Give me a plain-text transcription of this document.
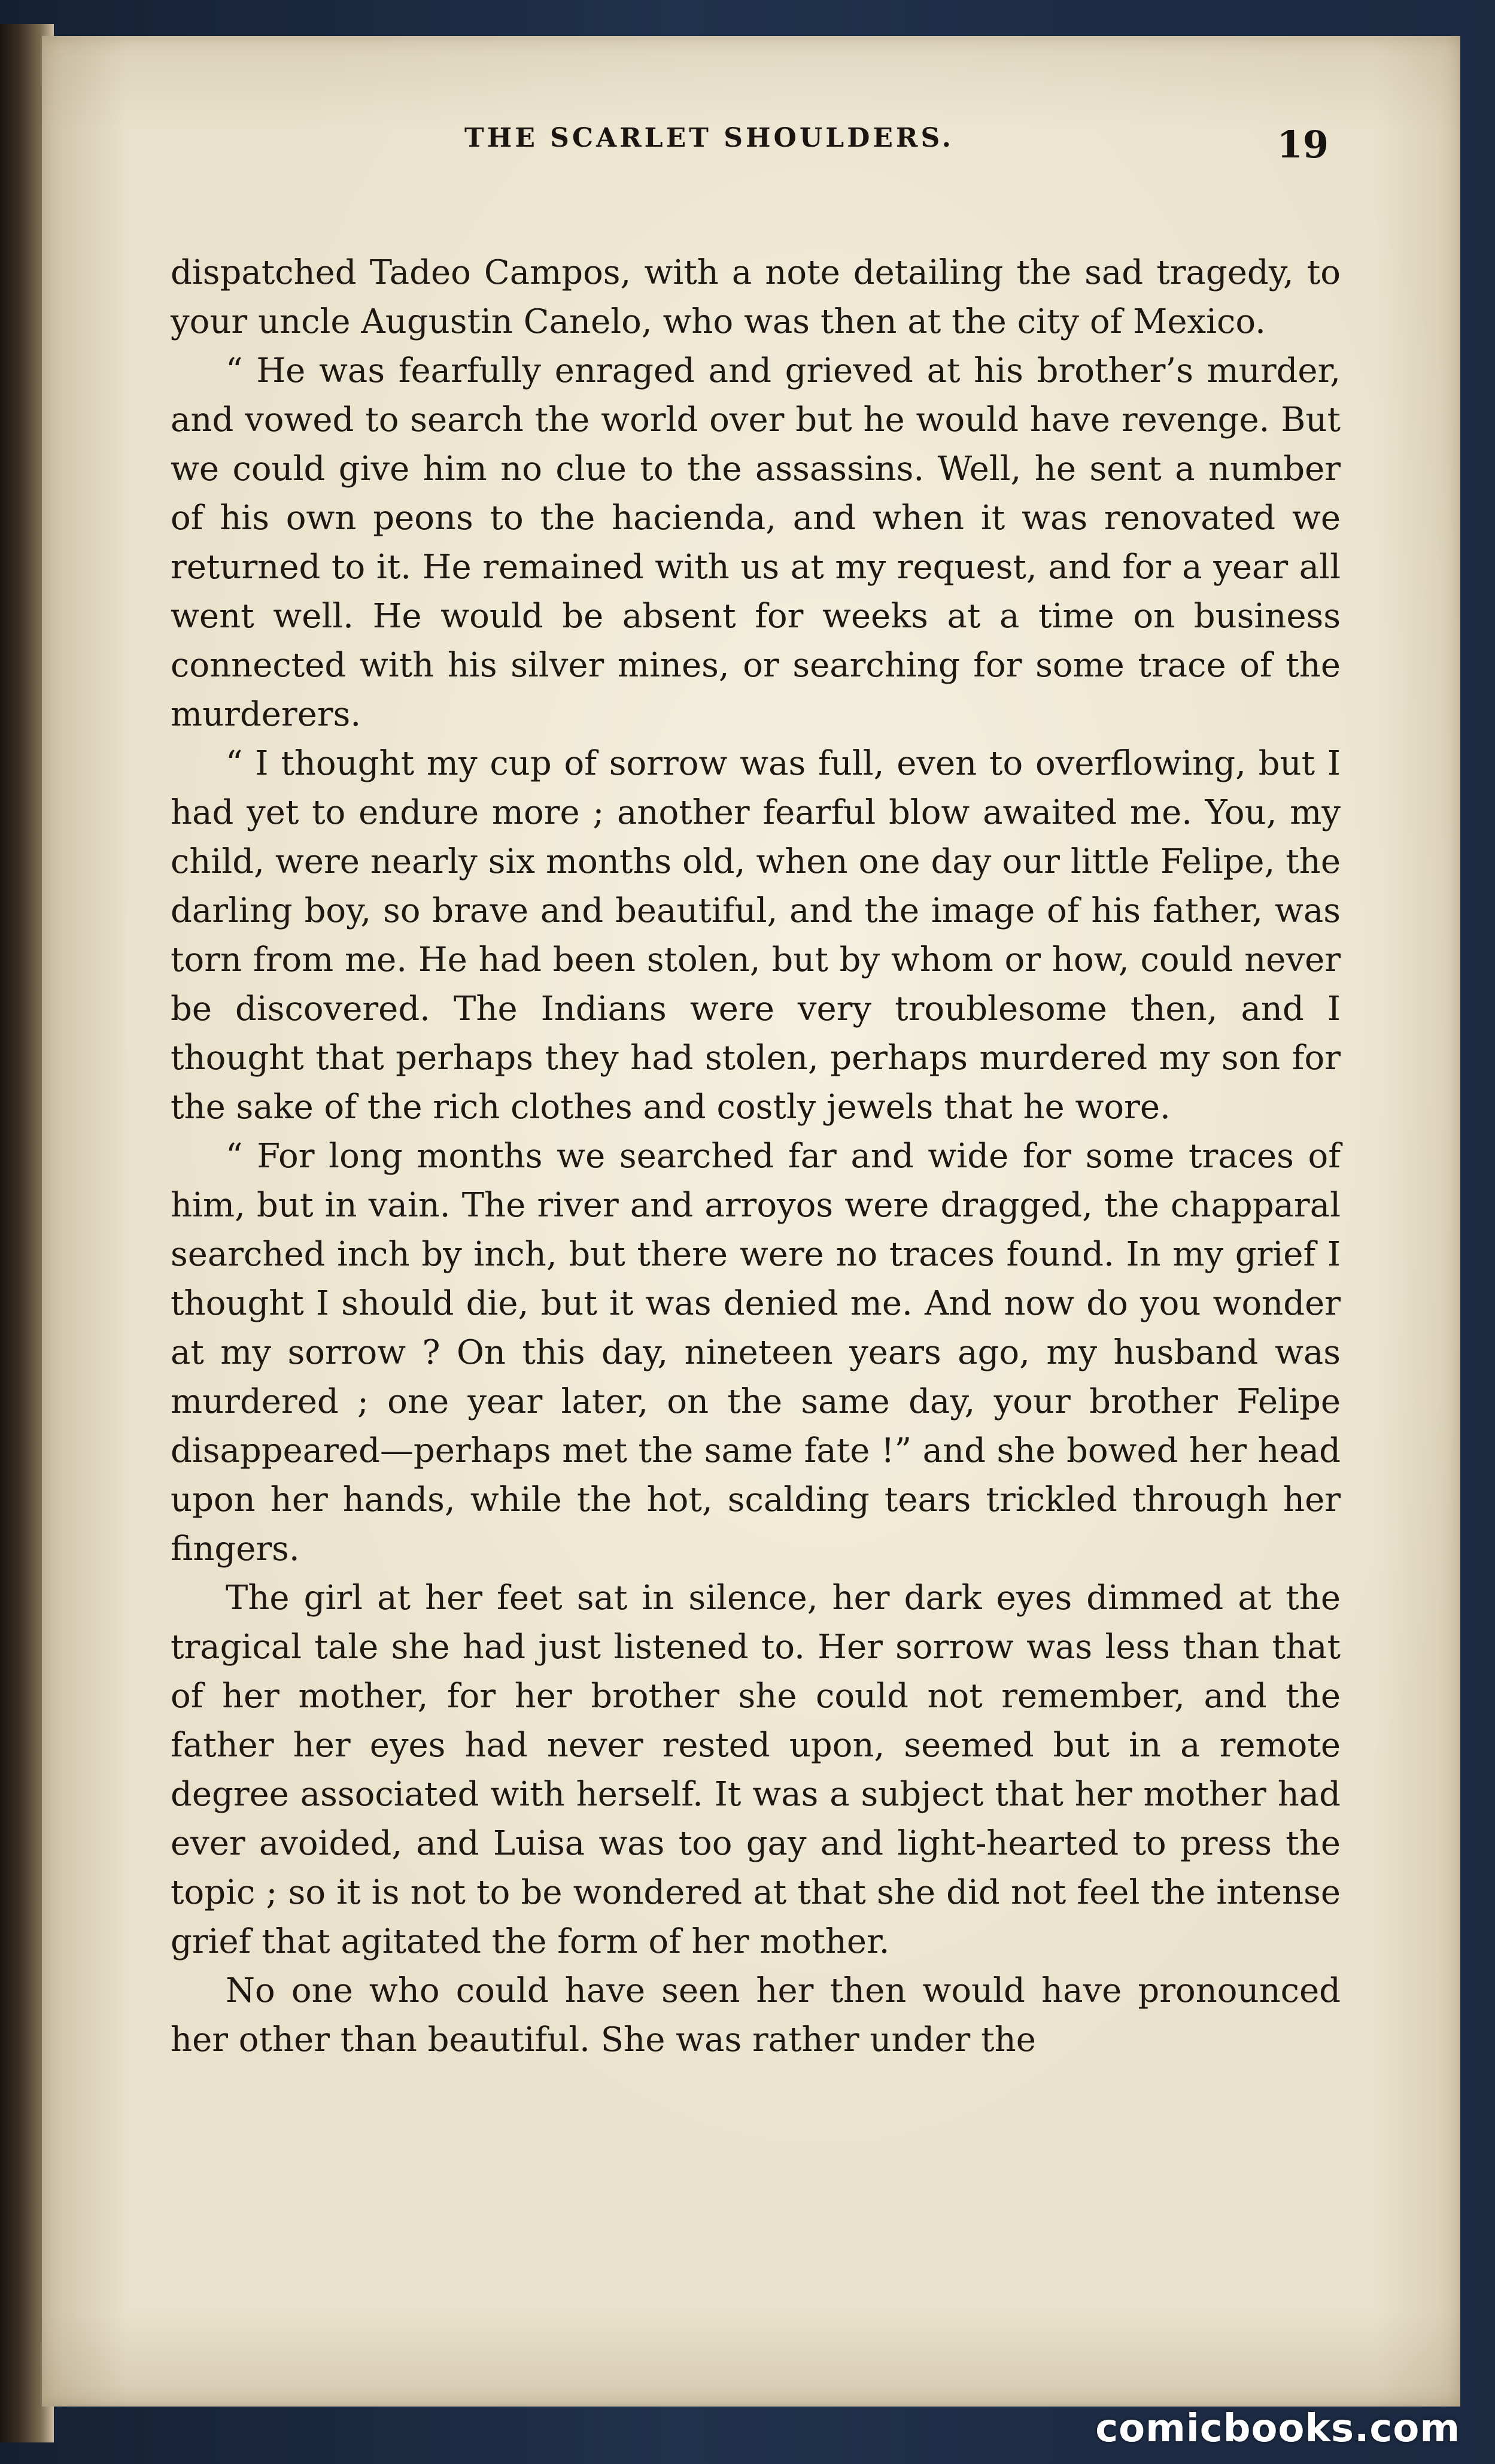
THE SCARLET SHOULDERS.	19

dispatched Tadeo Campos, with a note detailing the sad tragedy, to your uncle Augustin Canelo, who was then at the city of Mexico.

“ He was fearfully enraged and grieved at his brother’s murder, and vowed to search the world over but he would have revenge. But we could give him no clue to the assassins. Well, he sent a number of his own peons to the hacienda, and when it was renovated we returned to it. He remained with us at my request, and for a year all went well. He would be absent for weeks at a time on business connected with his silver mines, or searching for some trace of the murderers.

“ I thought my cup of sorrow was full, even to overflowing, but I had yet to endure more ; another fearful blow awaited me. You, my child, were nearly six months old, when one day our little Felipe, the darling boy, so brave and beautiful, and the image of his father, was torn from me. He had been stolen, but by whom or how, could never be discovered. The Indians were very troublesome then, and I thought that perhaps they had stolen, perhaps murdered my son for the sake of the rich clothes and costly jewels that he wore.

“ For long months we searched far and wide for some traces of him, but in vain. The river and arroyos were dragged, the chapparal searched inch by inch, but there were no traces found. In my grief I thought I should die, but it was denied me. And now do you wonder at my sorrow ? On this day, nineteen years ago, my husband was murdered ; one year later, on the same day, your brother Felipe disappeared—perhaps met the same fate !” and she bowed her head upon her hands, while the hot, scalding tears trickled through her fingers.

The girl at her feet sat in silence, her dark eyes dimmed at the tragical tale she had just listened to. Her sorrow was less than that of her mother, for her brother she could not remember, and the father her eyes had never rested upon, seemed but in a remote degree associated with herself. It was a subject that her mother had ever avoided, and Luisa was too gay and light-hearted to press the topic ; so it is not to be wondered at that she did not feel the intense grief that agitated the form of her mother.

No one who could have seen her then would have pronounced her other than beautiful. She was rather under the

comicbooks.com
